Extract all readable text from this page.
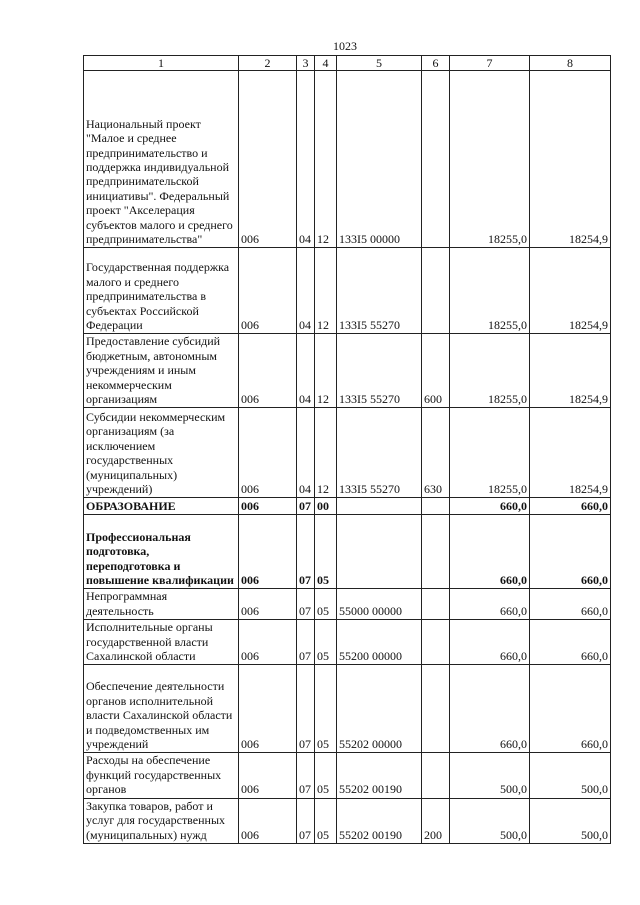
1023
1	2	3	4	5	6	7	8
Национальный проект "Малое и среднее предпринимательство и поддержка индивидуальной предпринимательской инициативы". Федеральный проект "Акселерация субъектов малого и среднего предпринимательства"	006	04	12	133I5 00000		18255,0	18254,9
Государственная поддержка малого и среднего предпринимательства в субъектах Российской Федерации	006	04	12	133I5 55270		18255,0	18254,9
Предоставление субсидий бюджетным, автономным учреждениям и иным некоммерческим организациям	006	04	12	133I5 55270	600	18255,0	18254,9
Субсидии некоммерческим организациям (за исключением государственных (муниципальных) учреждений)	006	04	12	133I5 55270	630	18255,0	18254,9
ОБРАЗОВАНИЕ	006	07	00			660,0	660,0
Профессиональная подготовка, переподготовка и повышение квалификации	006	07	05			660,0	660,0
Непрограммная деятельность	006	07	05	55000 00000		660,0	660,0
Исполнительные органы государственной власти Сахалинской области	006	07	05	55200 00000		660,0	660,0
Обеспечение деятельности органов исполнительной власти Сахалинской области и подведомственных им учреждений	006	07	05	55202 00000		660,0	660,0
Расходы на обеспечение функций государственных органов	006	07	05	55202 00190		500,0	500,0
Закупка товаров, работ и услуг для государственных (муниципальных) нужд	006	07	05	55202 00190	200	500,0	500,0
